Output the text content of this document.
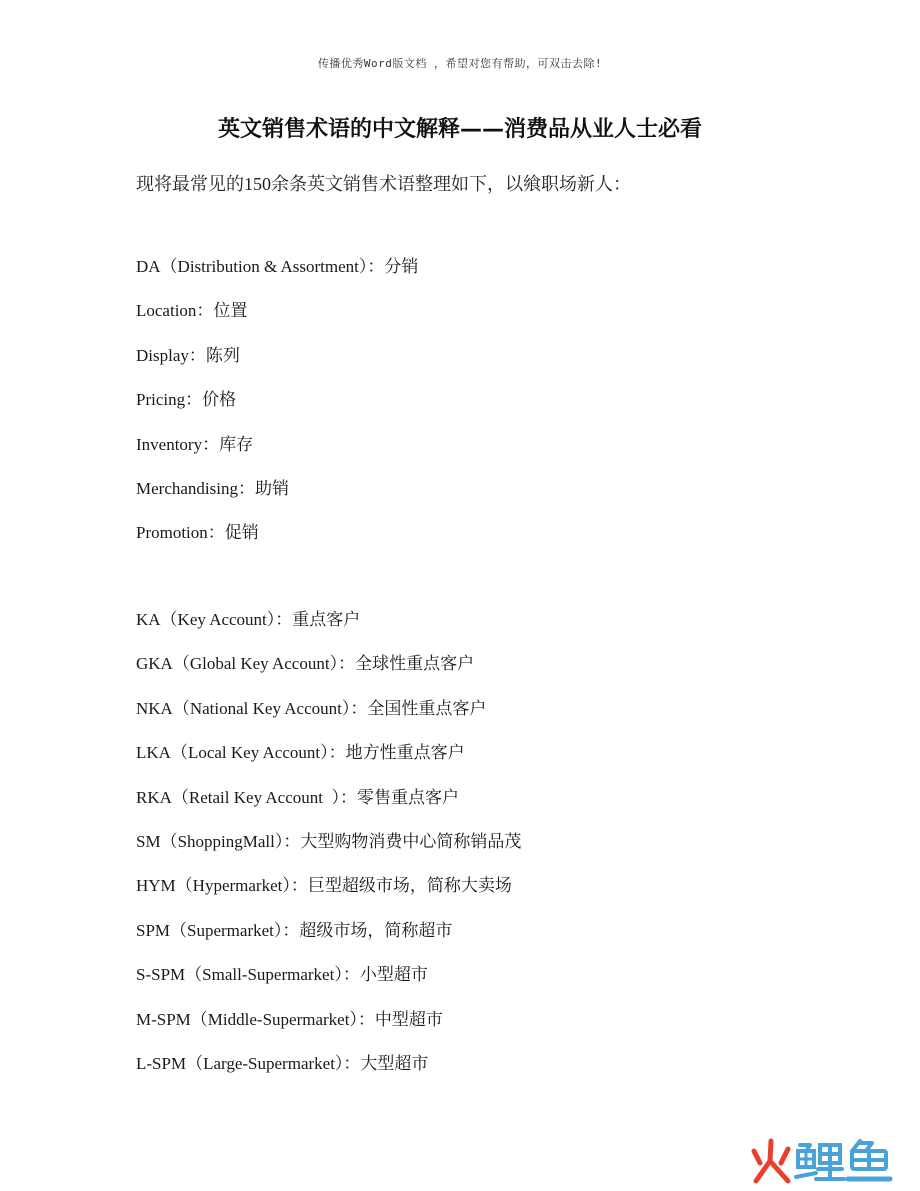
传播优秀Word版文档 ，希望对您有帮助，可双击去除!
英文销售术语的中文解释——消费品从业人士必看
现将最常见的150余条英文销售术语整理如下，以飨职场新人：
DA（Distribution & Assortment）：分销
Location：位置
Display：陈列
Pricing：价格
Inventory：库存
Merchandising：助销
Promotion：促销
KA（Key Account）：重点客户
GKA（Global Key Account）：全球性重点客户
NKA（National Key Account）：全国性重点客户
LKA（Local Key Account）：地方性重点客户
RKA（Retail Key Account  ）：零售重点客户
SM（ShoppingMall）：大型购物消费中心简称销品茂
HYM（Hypermarket）：巨型超级市场，简称大卖场
SPM（Supermarket）：超级市场，简称超市
S-SPM（Small-Supermarket）：小型超市
M-SPM（Middle-Supermarket）：中型超市
L-SPM（Large-Supermarket）：大型超市
